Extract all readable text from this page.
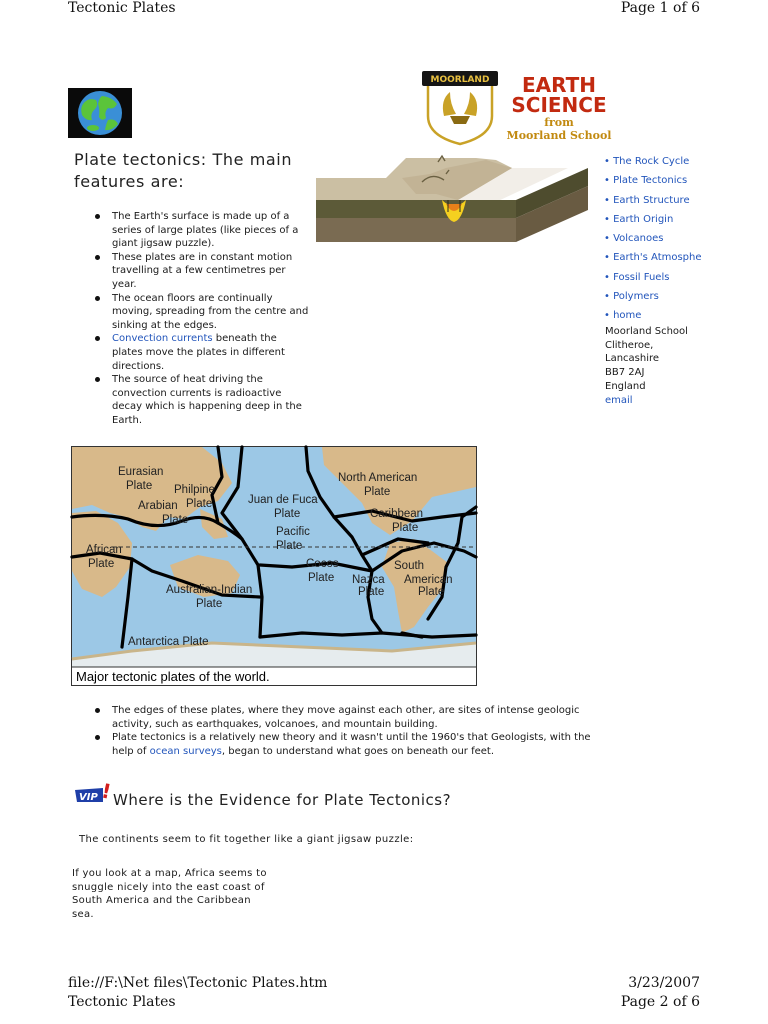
Tectonic Plates	Page 1 of 6
Plate tectonics: The main features are:
The Earth's surface is made up of a series of large plates (like pieces of a giant jigsaw puzzle).
These plates are in constant motion travelling at a few centimetres per year.
The ocean floors are continually moving, spreading from the centre and sinking at the edges.
Convection currents beneath the plates move the plates in different directions.
The source of heat driving the convection currents is radioactive decay which is happening deep in the Earth.
MOORLAND EARTH
SCIENCE
from
Moorland School
• The Rock Cycle
• Plate Tectonics
• Earth Structure
• Earth Origin
• Volcanoes
• Earth's Atmosphe
• Fossil Fuels
• Polymers
• home
Moorland School
Clitheroe,
Lancashire
BB7 2AJ
England
email
Eurasian
Plate Philpine
Plate
Arabian
Plate
Juan de Fuca
Plate
North American
Plate
Caribbean
Plate
Pacific
Plate
African
Plate	Cocos
Plate Nazca
Plate
South
American
Plate
Australian-Indian
Plate
Antarctica Plate
Major tectonic plates of the world.
The edges of these plates, where they move against each other, are sites of intense geologic activity, such as earthquakes, volcanoes, and mountain building.
Plate tectonics is a relatively new theory and it wasn't until the 1960's that Geologists, with the help of ocean surveys, began to understand what goes on beneath our feet.
VIP ! Where is the Evidence for Plate Tectonics?
The continents seem to fit together like a giant jigsaw puzzle:
If you look at a map, Africa seems to snuggle nicely into the east coast of South America and the Caribbean sea.
file://F:\Net files\Tectonic Plates.htm	3/23/2007
Tectonic Plates	Page 2 of 6
